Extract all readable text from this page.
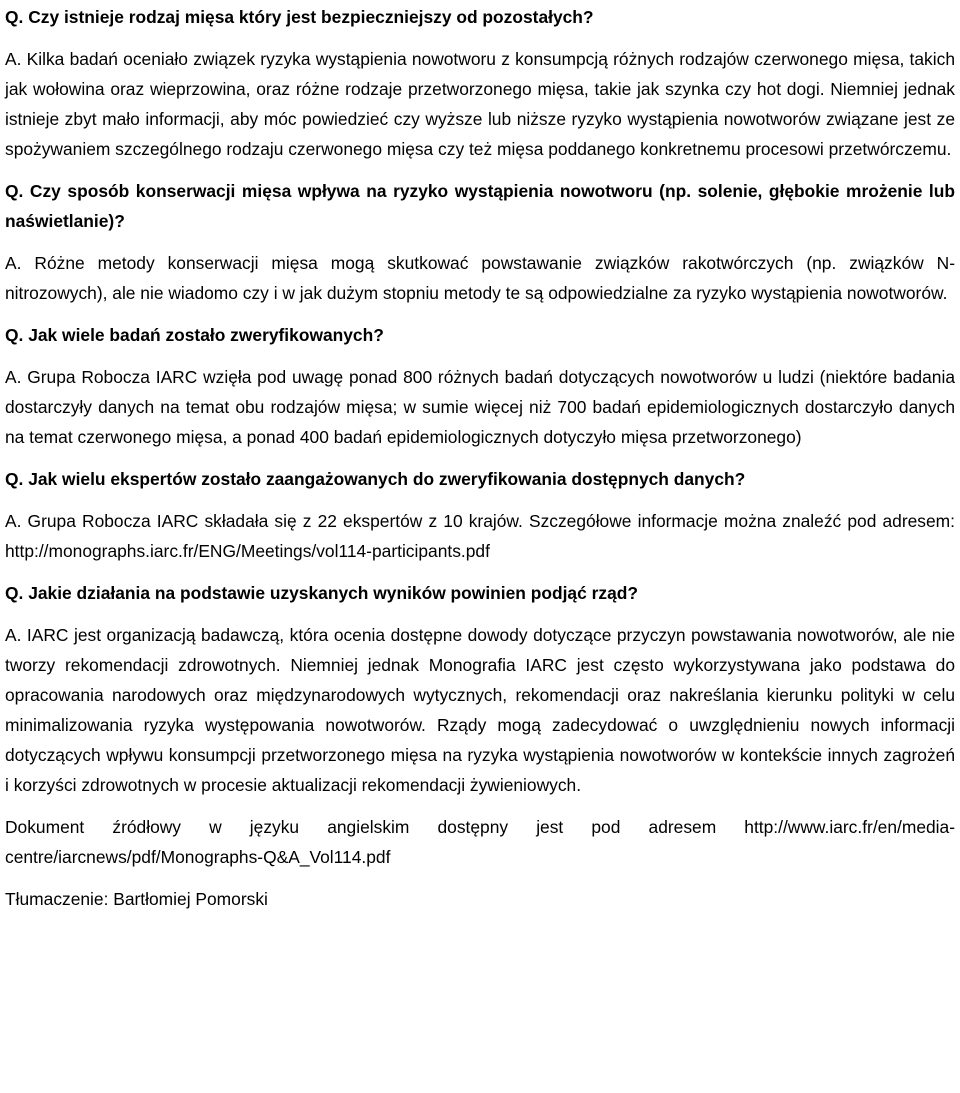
Q. Czy istnieje rodzaj mięsa który jest bezpieczniejszy od pozostałych?

A. Kilka badań oceniało związek ryzyka wystąpienia nowotworu z konsumpcją różnych rodzajów czerwonego mięsa, takich jak wołowina oraz wieprzowina, oraz różne rodzaje przetworzonego mięsa, takie jak szynka czy hot dogi. Niemniej jednak istnieje zbyt mało informacji, aby móc powiedzieć czy wyższe lub niższe ryzyko wystąpienia nowotworów związane jest ze spożywaniem szczególnego rodzaju czerwonego mięsa czy też mięsa poddanego konkretnemu procesowi przetwórczemu.

Q. Czy sposób konserwacji mięsa wpływa na ryzyko wystąpienia nowotworu (np. solenie, głębokie mrożenie lub naświetlanie)?

A. Różne metody konserwacji mięsa mogą skutkować powstawanie związków rakotwórczych (np. związków N-nitrozowych), ale nie wiadomo czy i w jak dużym stopniu metody te są odpowiedzialne za ryzyko wystąpienia nowotworów.

Q. Jak wiele badań zostało zweryfikowanych?

A. Grupa Robocza IARC wzięła pod uwagę ponad 800 różnych badań dotyczących nowotworów u ludzi (niektóre badania dostarczyły danych na temat obu rodzajów mięsa; w sumie więcej niż 700 badań epidemiologicznych dostarczyło danych na temat czerwonego mięsa, a ponad 400 badań epidemiologicznych dotyczyło mięsa przetworzonego)

Q. Jak wielu ekspertów zostało zaangażowanych do zweryfikowania dostępnych danych?

A. Grupa Robocza IARC składała się z 22 ekspertów z 10 krajów. Szczegółowe informacje można znaleźć pod adresem: http://monographs.iarc.fr/ENG/Meetings/vol114-participants.pdf

Q. Jakie działania na podstawie uzyskanych wyników powinien podjąć rząd?

A. IARC jest organizacją badawczą, która ocenia dostępne dowody dotyczące przyczyn powstawania nowotworów, ale nie tworzy rekomendacji zdrowotnych. Niemniej jednak Monografia IARC jest często wykorzystywana jako podstawa do opracowania narodowych oraz międzynarodowych wytycznych, rekomendacji oraz nakreślania kierunku polityki w celu minimalizowania ryzyka występowania nowotworów. Rządy mogą zadecydować o uwzględnieniu nowych informacji dotyczących wpływu konsumpcji przetworzonego mięsa na ryzyka wystąpienia nowotworów w kontekście innych zagrożeń i korzyści zdrowotnych w procesie aktualizacji rekomendacji żywieniowych.

Dokument źródłowy w języku angielskim dostępny jest pod adresem http://www.iarc.fr/en/media-centre/iarcnews/pdf/Monographs-Q&A_Vol114.pdf

Tłumaczenie: Bartłomiej Pomorski
